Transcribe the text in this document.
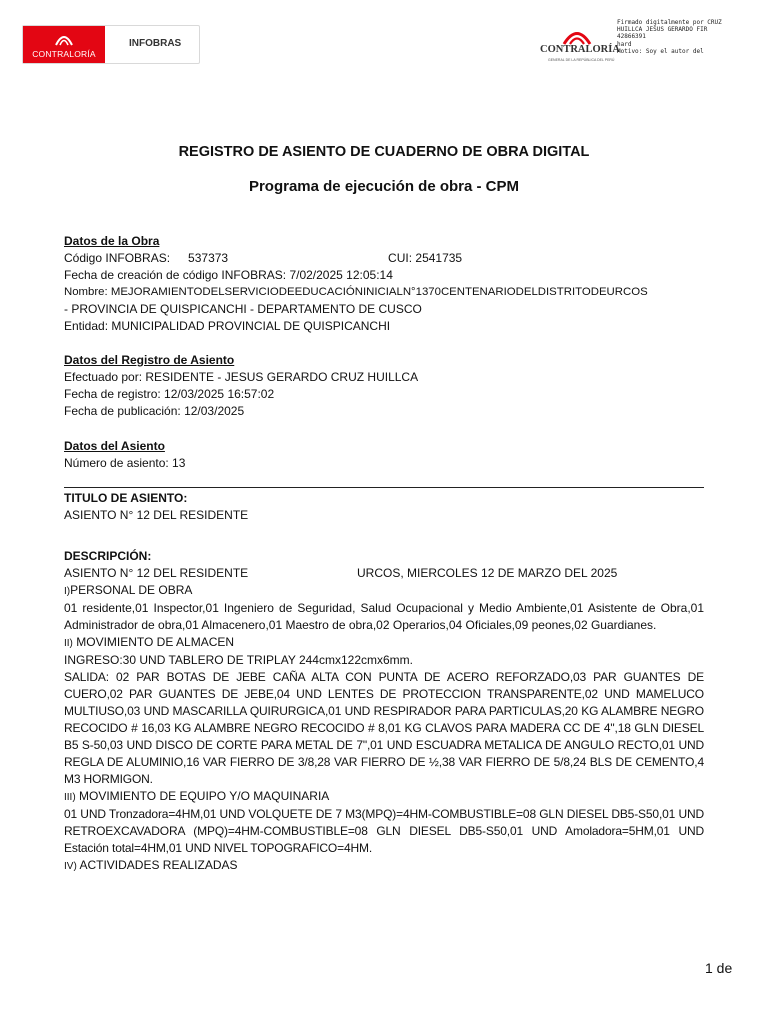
CONTRALORÍA
INFOBRAS
CONTRALORÍA
GENERAL DE LA REPÚBLICA DEL PERÚ
Firmado digitalmente por CRUZ
HUILLCA JESUS GERARDO FIR
42866391
hard
Motivo: Soy el autor del
REGISTRO DE ASIENTO DE CUADERNO DE OBRA DIGITAL
Programa de ejecución de obra - CPM
Datos de la Obra
Código INFOBRAS: 537373	CUI: 2541735
Fecha de creación de código INFOBRAS: 7/02/2025 12:05:14
Nombre: MEJORAMIENTODELSERVICIODEEDUCACIÓNINICIALN°1370CENTENARIODELDISTRITODEURCOS
- PROVINCIA DE QUISPICANCHI - DEPARTAMENTO DE CUSCO
Entidad: MUNICIPALIDAD PROVINCIAL DE QUISPICANCHI
Datos del Registro de Asiento
Efectuado por: RESIDENTE - JESUS GERARDO CRUZ HUILLCA
Fecha de registro: 12/03/2025 16:57:02
Fecha de publicación: 12/03/2025
Datos del Asiento
Número de asiento: 13
TITULO DE ASIENTO:
ASIENTO N° 12 DEL RESIDENTE
DESCRIPCIÓN:
ASIENTO N° 12 DEL RESIDENTE	URCOS, MIERCOLES 12 DE MARZO DEL 2025
I)PERSONAL DE OBRA
01 residente,01 Inspector,01 Ingeniero de Seguridad, Salud Ocupacional y Medio Ambiente,01 Asistente de Obra,01 Administrador de obra,01 Almacenero,01 Maestro de obra,02 Operarios,04 Oficiales,09 peones,02 Guardianes.
II) MOVIMIENTO DE ALMACEN
INGRESO:30 UND TABLERO DE TRIPLAY 244cmx122cmx6mm.
SALIDA: 02 PAR BOTAS DE JEBE CAÑA ALTA CON PUNTA DE ACERO REFORZADO,03 PAR GUANTES DE CUERO,02 PAR GUANTES DE JEBE,04 UND LENTES DE PROTECCION TRANSPARENTE,02 UND MAMELUCO MULTIUSO,03 UND MASCARILLA QUIRURGICA,01 UND RESPIRADOR PARA PARTICULAS,20 KG ALAMBRE NEGRO RECOCIDO # 16,03 KG ALAMBRE NEGRO RECOCIDO # 8,01 KG CLAVOS PARA MADERA CC DE 4",18 GLN DIESEL B5 S-50,03 UND DISCO DE CORTE PARA METAL DE 7",01 UND ESCUADRA METALICA DE ANGULO RECTO,01 UND REGLA DE ALUMINIO,16 VAR FIERRO DE 3/8,28 VAR FIERRO DE ½,38 VAR FIERRO DE 5/8,24 BLS DE CEMENTO,4 M3 HORMIGON.
III) MOVIMIENTO DE EQUIPO Y/O MAQUINARIA
01 UND Tronzadora=4HM,01 UND VOLQUETE DE 7 M3(MPQ)=4HM-COMBUSTIBLE=08 GLN DIESEL DB5-S50,01 UND RETROEXCAVADORA (MPQ)=4HM-COMBUSTIBLE=08 GLN DIESEL DB5-S50,01 UND Amoladora=5HM,01 UND Estación total=4HM,01 UND NIVEL TOPOGRAFICO=4HM.
IV) ACTIVIDADES REALIZADAS
1 de
